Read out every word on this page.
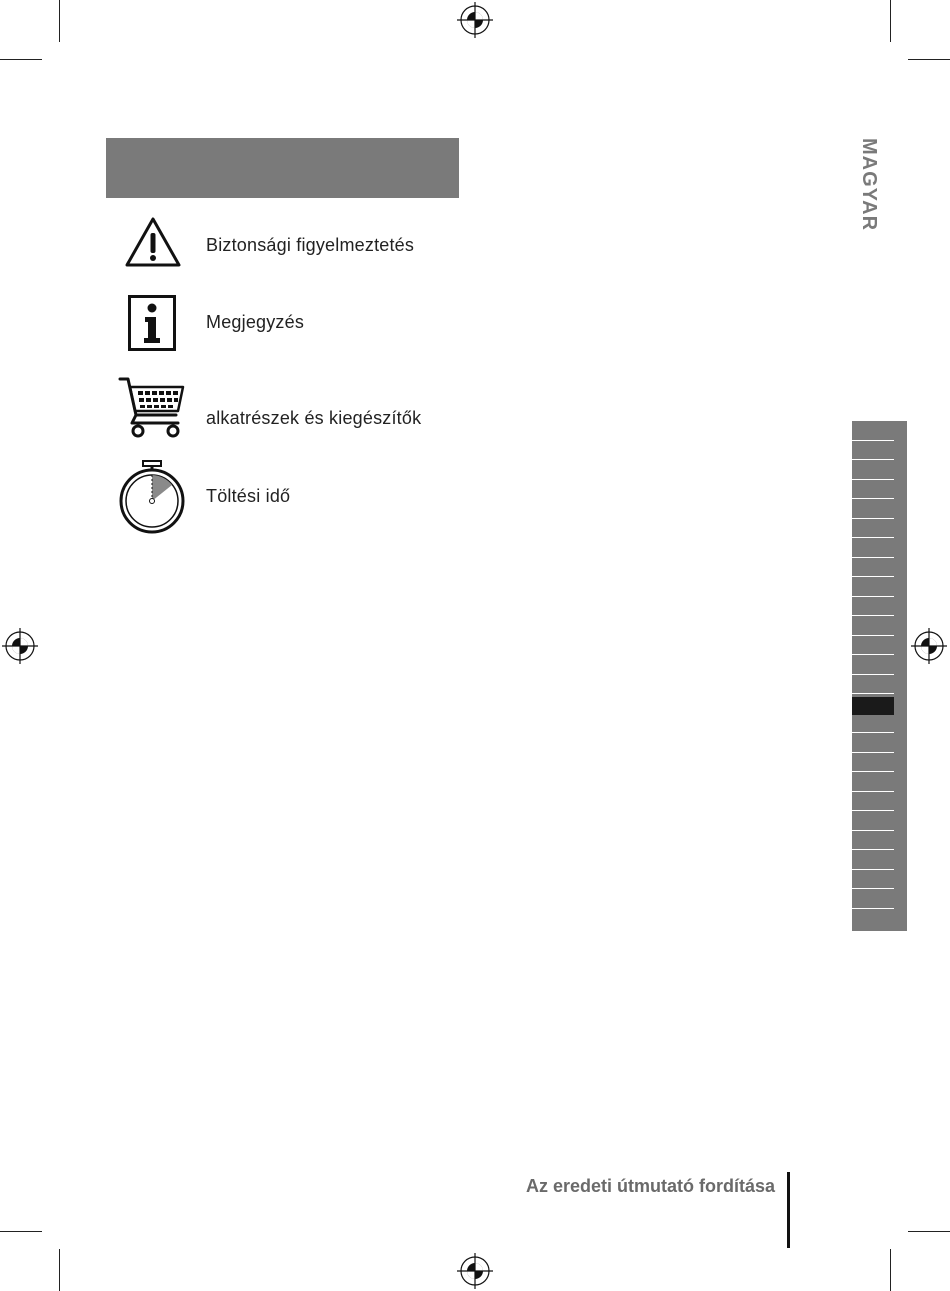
Biztonsági figyelmeztetés
Megjegyzés
alkatrészek és kiegészítők
Töltési idő
MAGYAR
Az eredeti útmutató fordítása
